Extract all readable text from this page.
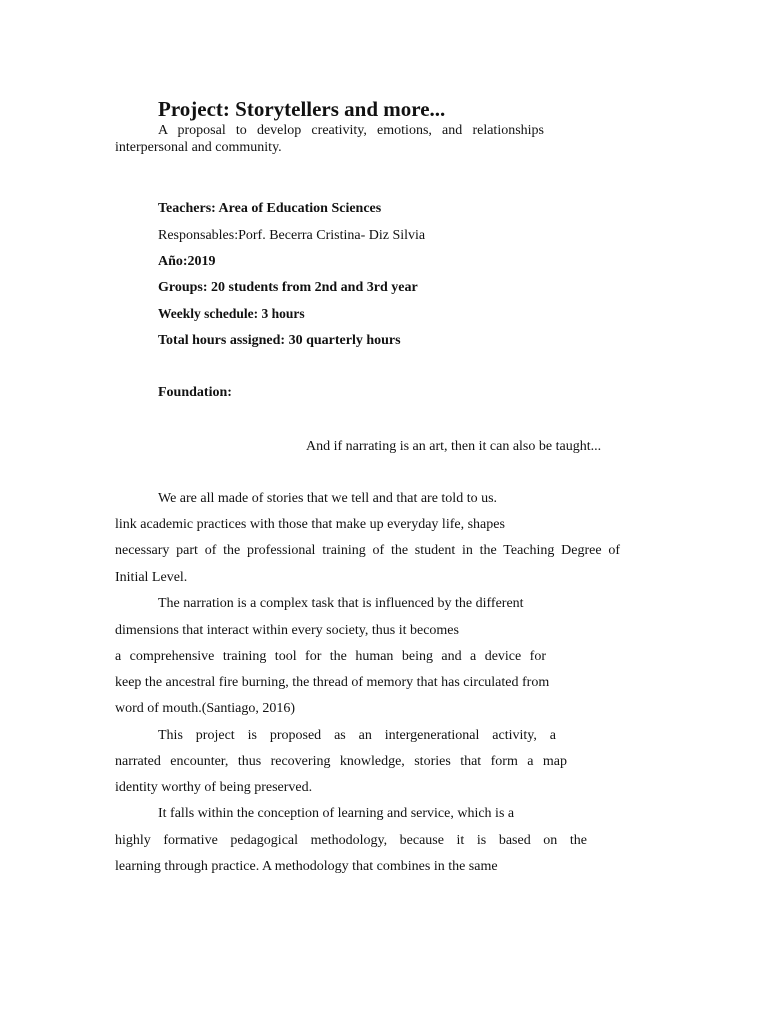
Project: Storytellers and more...

A proposal to develop creativity, emotions, and relationships

interpersonal and community.

Teachers: Area of Education Sciences

Responsables:Porf. Becerra Cristina- Diz Silvia

Año:2019

Groups: 20 students from 2nd and 3rd year

Weekly schedule: 3 hours

Total hours assigned: 30 quarterly hours

Foundation:

And if narrating is an art, then it can also be taught...

We are all made of stories that we tell and that are told to us.

link academic practices with those that make up everyday life, shapes

necessary part of the professional training of the student in the Teaching Degree of

Initial Level.

The narration is a complex task that is influenced by the different

dimensions that interact within every society, thus it becomes

a comprehensive training tool for the human being and a device for

keep the ancestral fire burning, the thread of memory that has circulated from

word of mouth.(Santiago, 2016)

This project is proposed as an intergenerational activity, a

narrated encounter, thus recovering knowledge, stories that form a map

identity worthy of being preserved.

It falls within the conception of learning and service, which is a

highly formative pedagogical methodology, because it is based on the

learning through practice. A methodology that combines in the same
